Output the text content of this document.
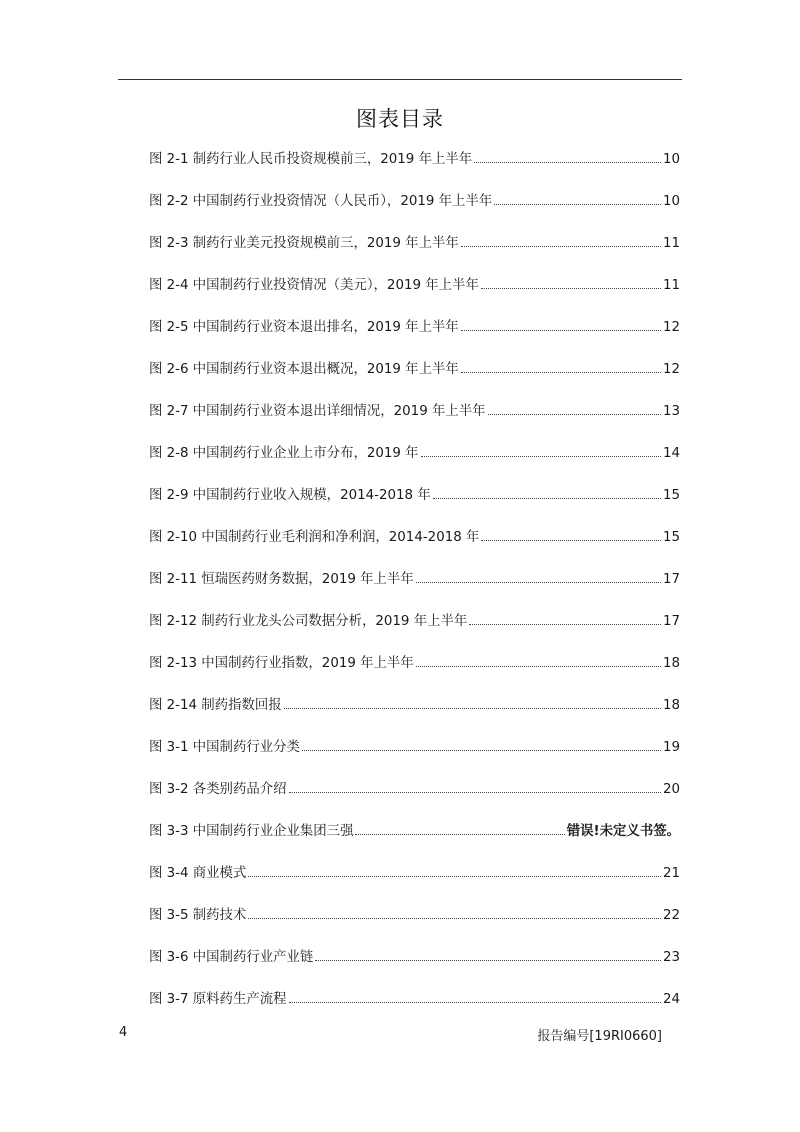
图表目录
图 2-1 制药行业人民币投资规模前三，2019 年上半年	10
图 2-2 中国制药行业投资情况（人民币），2019 年上半年	10
图 2-3 制药行业美元投资规模前三，2019 年上半年	11
图 2-4 中国制药行业投资情况（美元），2019 年上半年	11
图 2-5 中国制药行业资本退出排名，2019 年上半年	12
图 2-6 中国制药行业资本退出概况，2019 年上半年	12
图 2-7 中国制药行业资本退出详细情况，2019 年上半年	13
图 2-8 中国制药行业企业上市分布，2019 年	14
图 2-9 中国制药行业收入规模，2014-2018 年	15
图 2-10 中国制药行业毛利润和净利润，2014-2018 年	15
图 2-11 恒瑞医药财务数据，2019 年上半年	17
图 2-12 制药行业龙头公司数据分析，2019 年上半年	17
图 2-13 中国制药行业指数，2019 年上半年	18
图 2-14 制药指数回报	18
图 3-1 中国制药行业分类	19
图 3-2 各类别药品介绍	20
图 3-3 中国制药行业企业集团三强	错误!未定义书签。
图 3-4 商业模式	21
图 3-5 制药技术	22
图 3-6 中国制药行业产业链	23
图 3-7 原料药生产流程	24
4	报告编号[19RI0660]
